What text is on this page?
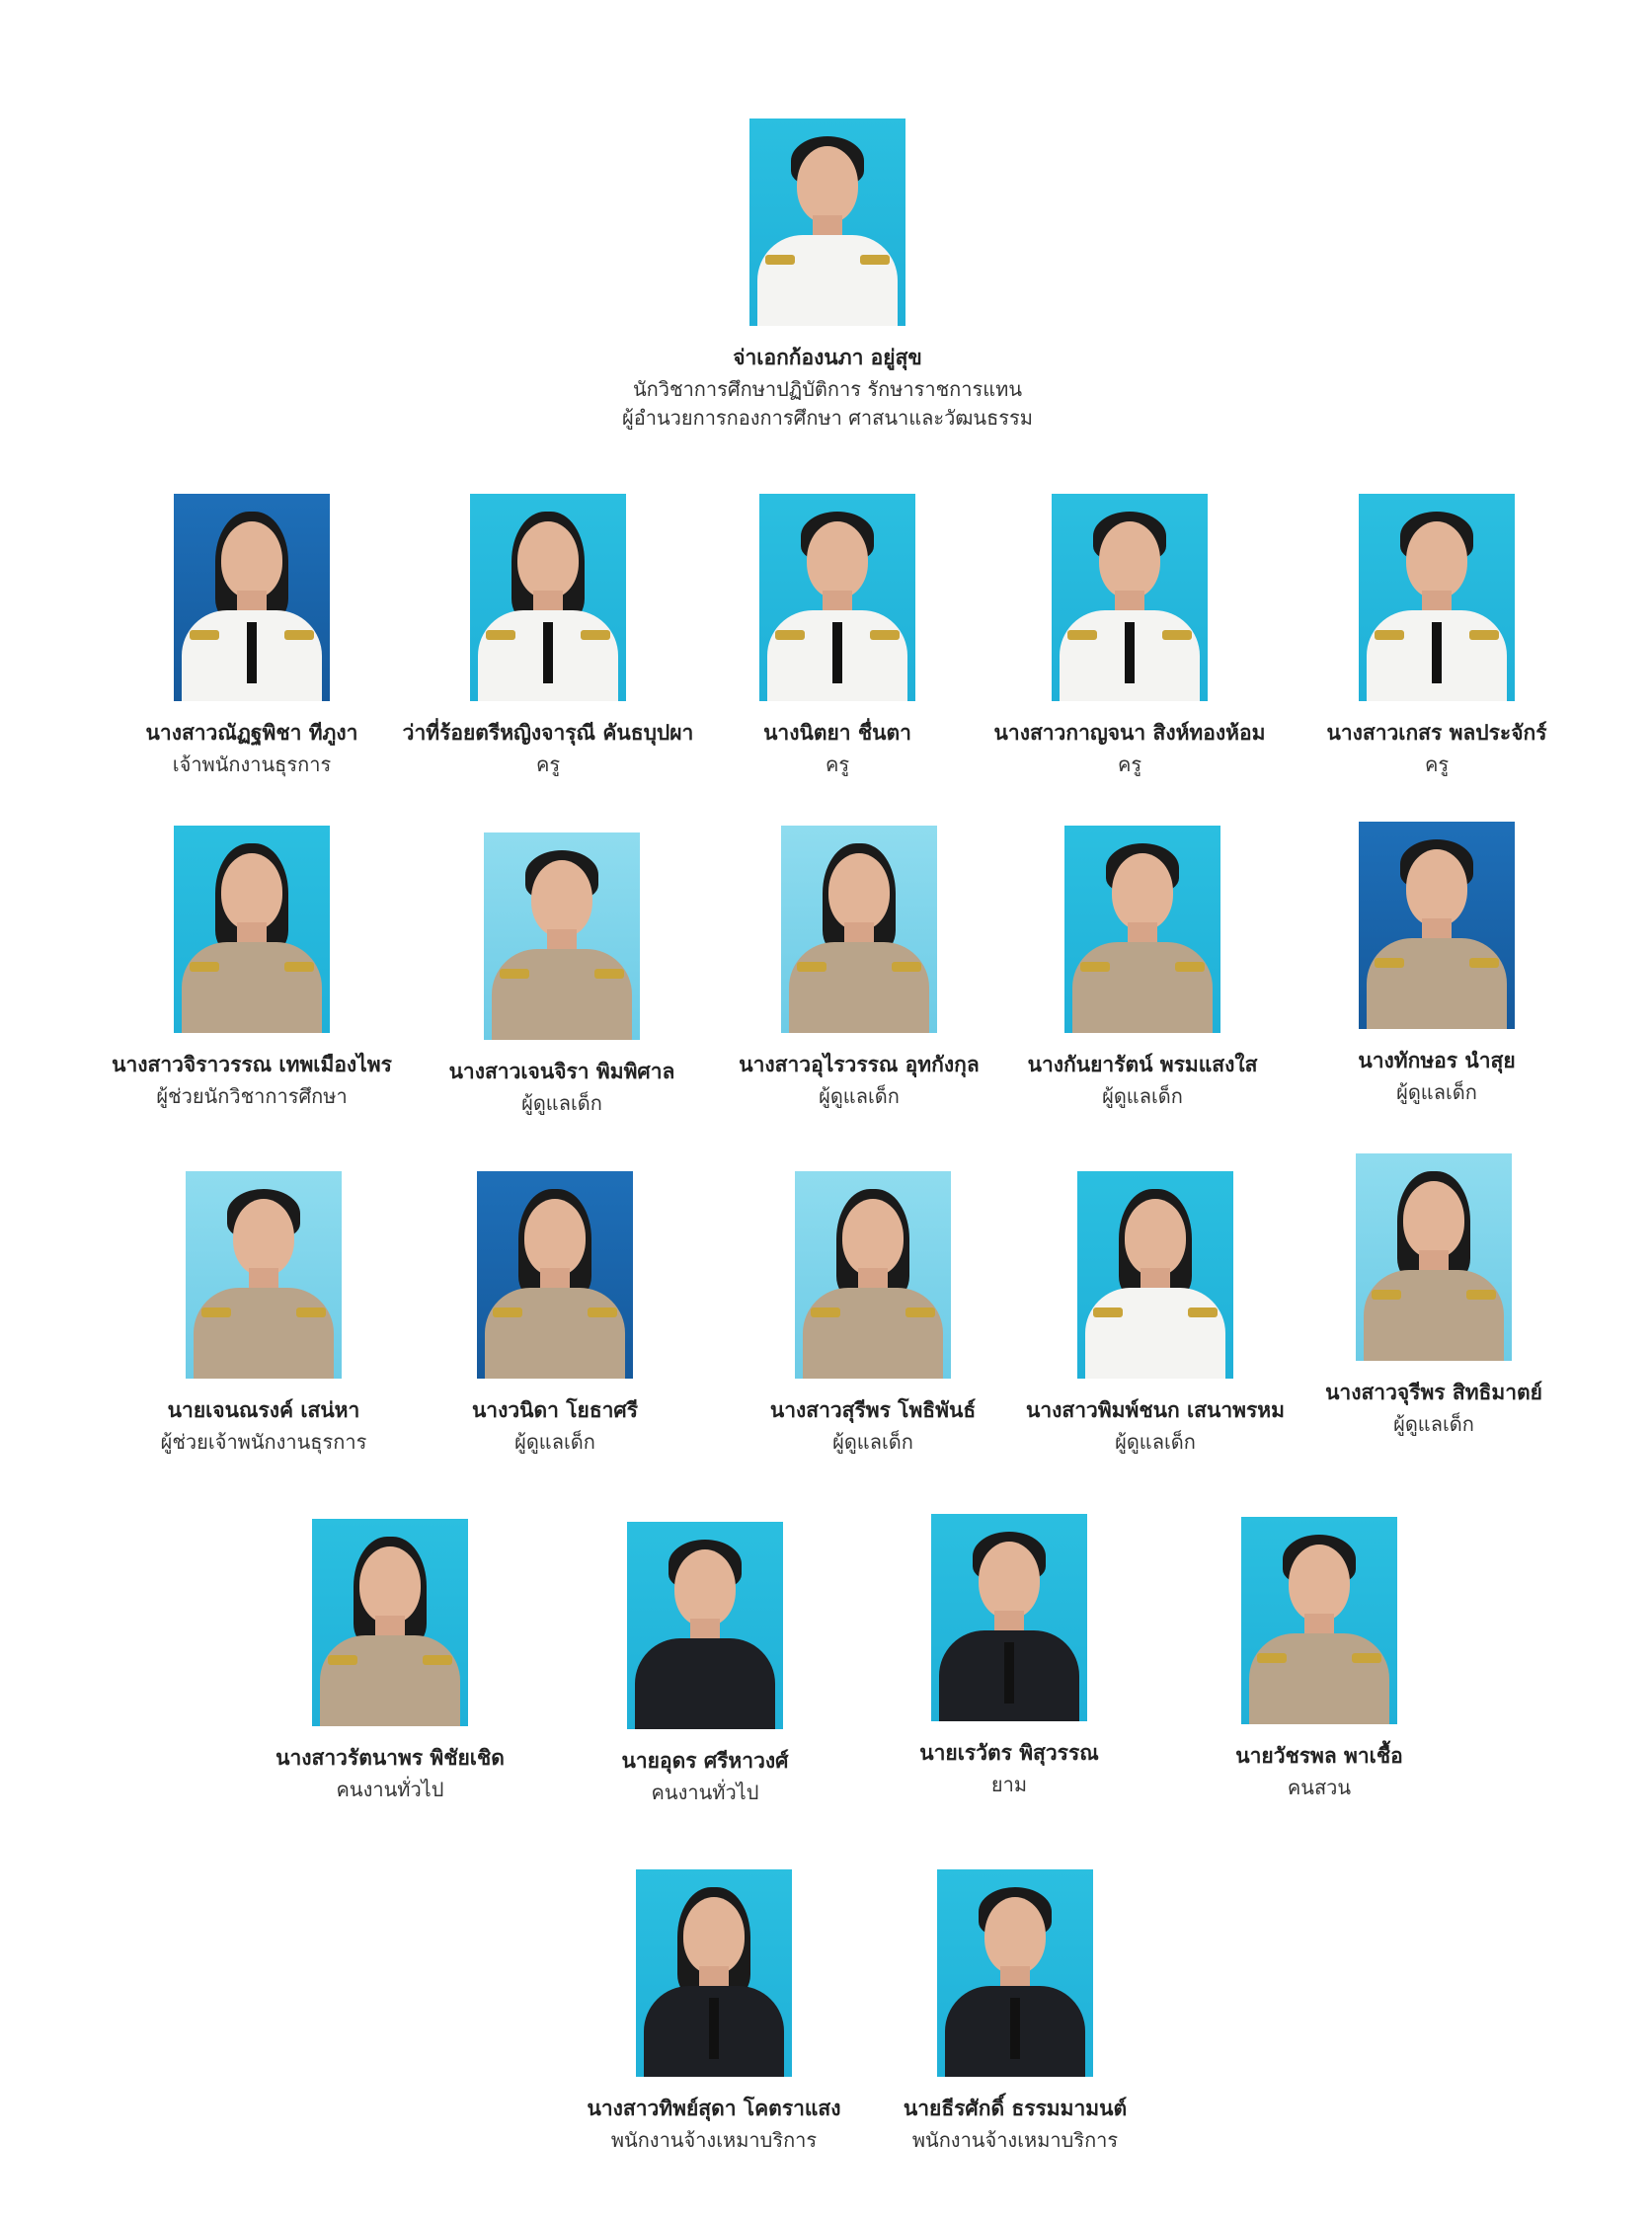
จ่าเอกก้องนภา อยู่สุข
นักวิชาการศึกษาปฏิบัติการ รักษาราชการแทน
ผู้อำนวยการกองการศึกษา ศาสนาและวัฒนธรรม
นางสาวณัฏฐพิชา ทีภูงา
เจ้าพนักงานธุรการ
ว่าที่ร้อยตรีหญิงจารุณี คันธบุปผา
ครู
นางนิตยา ชื่นตา
ครู
นางสาวกาญจนา สิงห์ทองห้อม
ครู
นางสาวเกสร พลประจักร์
ครู
นางสาวจิราวรรณ เทพเมืองไพร
ผู้ช่วยนักวิชาการศึกษา
นางสาวเจนจิรา พิมพิศาล
ผู้ดูแลเด็ก
นางสาวอุไรวรรณ อุทกังกุล
ผู้ดูแลเด็ก
นางกันยารัตน์ พรมแสงใส
ผู้ดูแลเด็ก
นางทักษอร นำสุย
ผู้ดูแลเด็ก
นายเจนณรงค์ เสน่หา
ผู้ช่วยเจ้าพนักงานธุรการ
นางวนิดา โยธาศรี
ผู้ดูแลเด็ก
นางสาวสุรีพร โพธิพันธ์
ผู้ดูแลเด็ก
นางสาวพิมพ์ชนก เสนาพรหม
ผู้ดูแลเด็ก
นางสาวจุรีพร สิทธิมาตย์
ผู้ดูแลเด็ก
นางสาวรัตนาพร พิชัยเชิด
คนงานทั่วไป
นายอุดร ศรีหาวงศ์
คนงานทั่วไป
นายเรวัตร พิสุวรรณ
ยาม
นายวัชรพล พาเชื้อ
คนสวน
นางสาวทิพย์สุดา โคตราแสง
พนักงานจ้างเหมาบริการ
นายธีรศักดิ์ ธรรมมามนต์
พนักงานจ้างเหมาบริการ
